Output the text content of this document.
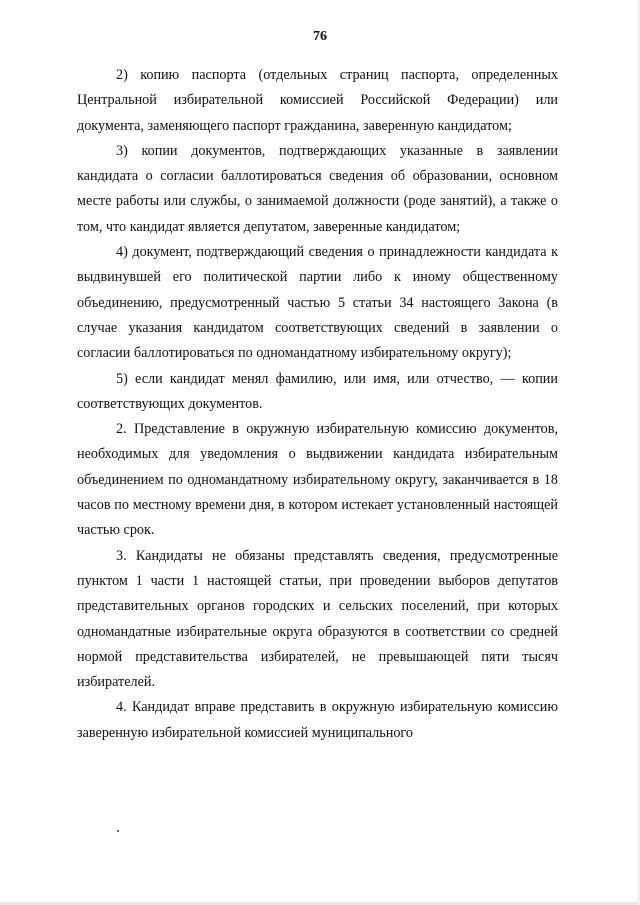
76

2) копию паспорта (отдельных страниц паспорта, определенных Центральной избирательной комиссией Российской Федерации) или документа, заменяющего паспорт гражданина, заверенную кандидатом;

3) копии документов, подтверждающих указанные в заявлении кандидата о согласии баллотироваться сведения об образовании, основном месте работы или службы, о занимаемой должности (роде занятий), а также о том, что кандидат является депутатом, заверенные кандидатом;

4) документ, подтверждающий сведения о принадлежности кандидата к выдвинувшей его политической партии либо к иному общественному объединению, предусмотренный частью 5 статьи 34 настоящего Закона (в случае указания кандидатом соответствующих сведений в заявлении о согласии баллотироваться по одномандатному избирательному округу);

5) если кандидат менял фамилию, или имя, или отчество, — копии соответствующих документов.

2. Представление в окружную избирательную комиссию документов, необходимых для уведомления о выдвижении кандидата избирательным объединением по одномандатному избирательному округу, заканчивается в 18 часов по местному времени дня, в котором истекает установленный настоящей частью срок.

3. Кандидаты не обязаны представлять сведения, предусмотренные пунктом 1 части 1 настоящей статьи, при проведении выборов депутатов представительных органов городских и сельских поселений, при которых одномандатные избирательные округа образуются в соответствии со средней нормой представительства избирателей, не превышающей пяти тысяч избирателей.

4. Кандидат вправе представить в окружную избирательную комиссию заверенную избирательной комиссией муниципального
